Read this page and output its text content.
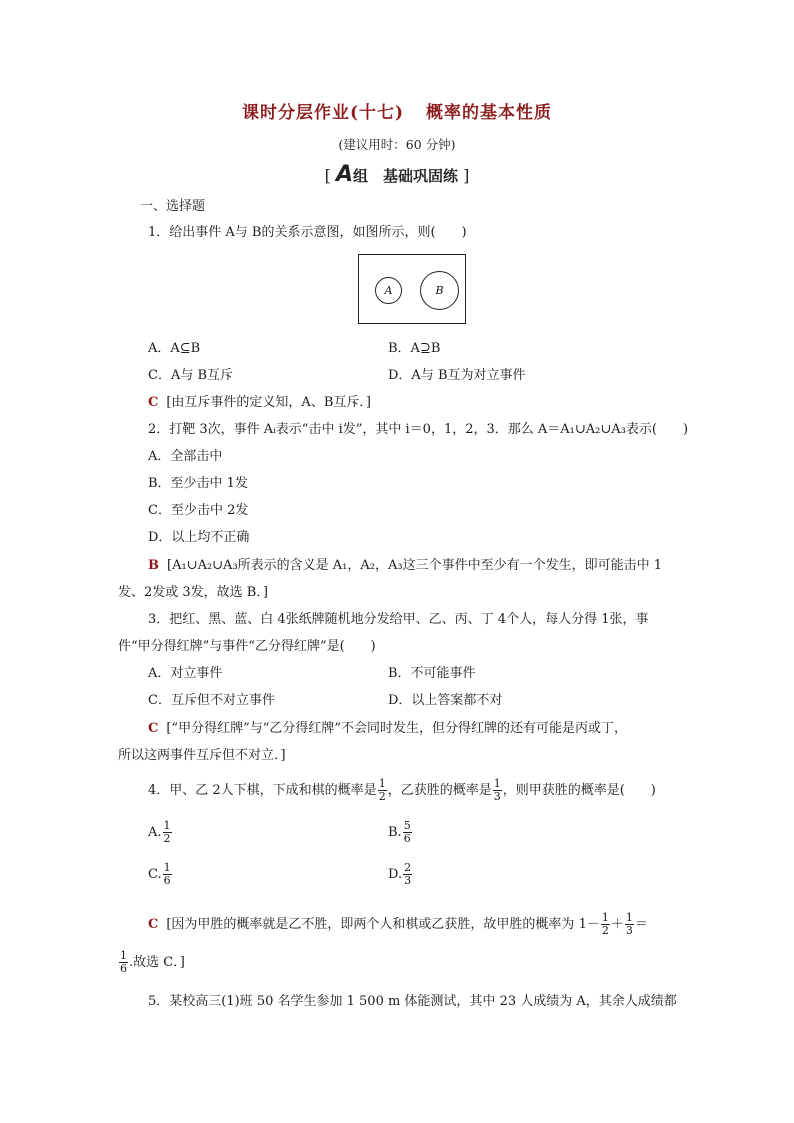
课时分层作业(十七) 概率的基本性质
(建议用时：60 分钟)
[ A组　基础巩固练 ]
一、选择题
1．给出事件 A与 B的关系示意图，如图所示，则(　　)
A	B
A．A⊆B	B．A⊇B
C．A与 B互斥	D．A与 B互为对立事件
C [由互斥事件的定义知，A、B互斥．]
2．打靶 3次，事件 Aᵢ表示“击中 i发”，其中 i＝0，1，2，3．那么 A＝A₁∪A₂∪A₃表示(　　)
A．全部击中
B．至少击中 1发
C．至少击中 2发
D．以上均不正确
B [A₁∪A₂∪A₃所表示的含义是 A₁，A₂，A₃这三个事件中至少有一个发生，即可能击中 1
发、2发或 3发，故选 B．]
3．把红、黑、蓝、白 4张纸牌随机地分发给甲、乙、丙、丁 4个人，每人分得 1张，事
件“甲分得红牌”与事件“乙分得红牌”是(　　)
A．对立事件	B．不可能事件
C．互斥但不对立事件	D．以上答案都不对
C [“甲分得红牌”与“乙分得红牌”不会同时发生，但分得红牌的还有可能是丙或丁，
所以这两事件互斥但不对立．]
4．甲、乙 2人下棋，下成和棋的概率是 $\frac{1}{2}$ ，乙获胜的概率是 $\frac{1}{3}$ ，则甲获胜的概率是(　　)
A. $\frac{1}{2}$	B. $\frac{5}{6}$
C. $\frac{1}{6}$	D. $\frac{2}{3}$
C [因为甲胜的概率就是乙不胜，即两个人和棋或乙获胜，故甲胜的概率为 $1- \frac{1}{2} + \frac{1}{3}$ ＝
$\frac{1}{6}$ .故选 C．]
5．某校高三(1)班 50 名学生参加 1 500 m 体能测试，其中 23 人成绩为 A，其余人成绩都
